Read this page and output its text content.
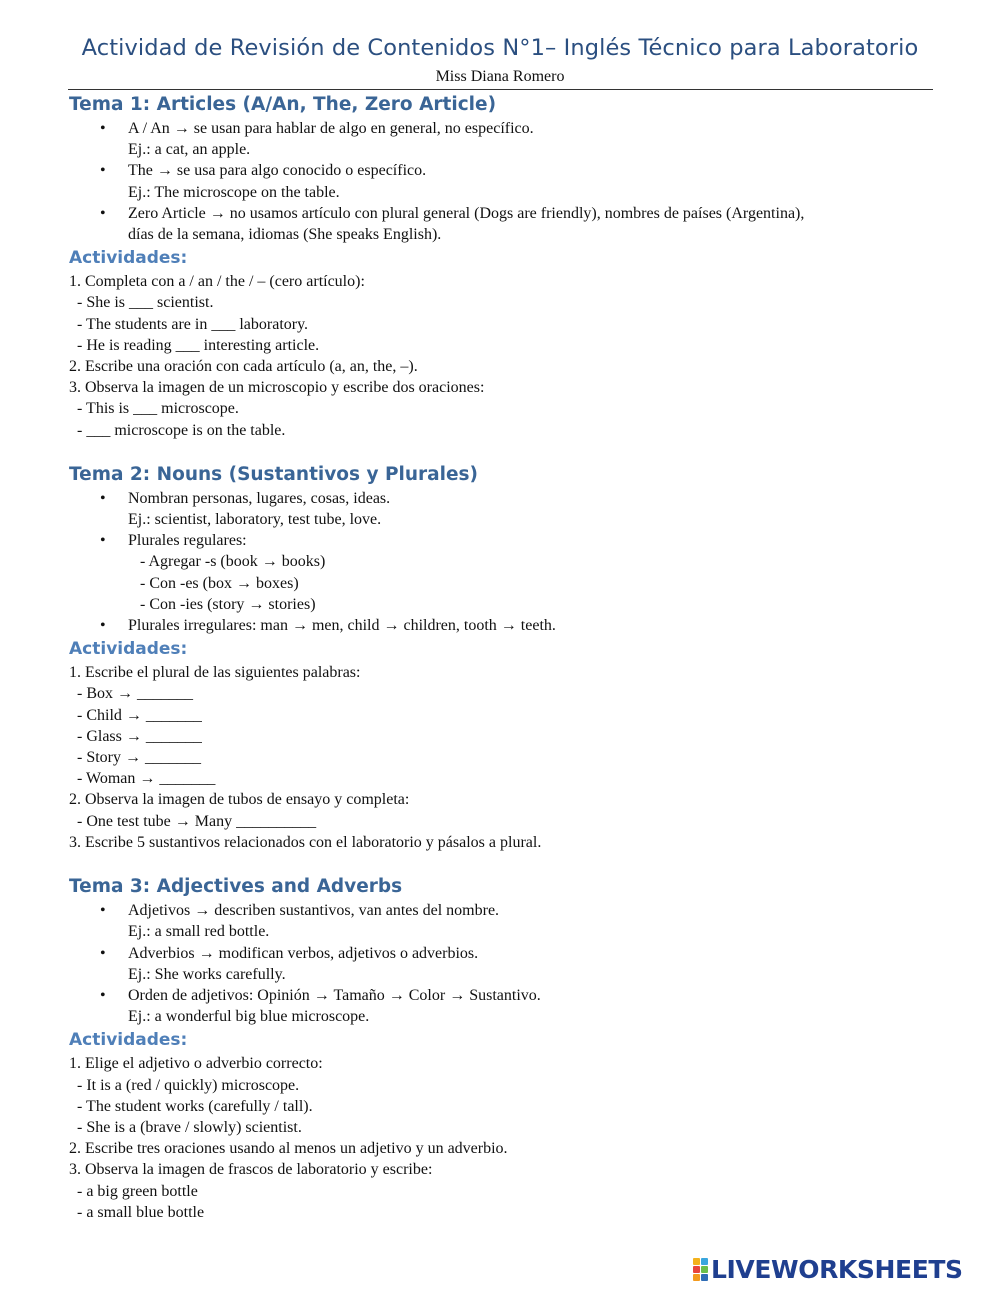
Actividad de Revisión de Contenidos N°1– Inglés Técnico para Laboratorio
Miss Diana Romero
Tema 1: Articles (A/An, The, Zero Article)
• A / An → se usan para hablar de algo en general, no específico.
Ej.: a cat, an apple.
• The → se usa para algo conocido o específico.
Ej.: The microscope on the table.
• Zero Article → no usamos artículo con plural general (Dogs are friendly), nombres de países (Argentina),
días de la semana, idiomas (She speaks English).
Actividades:
1. Completa con a / an / the / – (cero artículo):
- She is ___ scientist.
- The students are in ___ laboratory.
- He is reading ___ interesting article.
2. Escribe una oración con cada artículo (a, an, the, –).
3. Observa la imagen de un microscopio y escribe dos oraciones:
- This is ___ microscope.
- ___ microscope is on the table.
Tema 2: Nouns (Sustantivos y Plurales)
• Nombran personas, lugares, cosas, ideas.
Ej.: scientist, laboratory, test tube, love.
• Plurales regulares:
- Agregar -s (book → books)
- Con -es (box → boxes)
- Con -ies (story → stories)
• Plurales irregulares: man → men, child → children, tooth → teeth.
Actividades:
1. Escribe el plural de las siguientes palabras:
- Box → _______
- Child → _______
- Glass → _______
- Story → _______
- Woman → _______
2. Observa la imagen de tubos de ensayo y completa:
- One test tube → Many __________
3. Escribe 5 sustantivos relacionados con el laboratorio y pásalos a plural.
Tema 3: Adjectives and Adverbs
• Adjetivos → describen sustantivos, van antes del nombre.
Ej.: a small red bottle.
• Adverbios → modifican verbos, adjetivos o adverbios.
Ej.: She works carefully.
• Orden de adjetivos: Opinión → Tamaño → Color → Sustantivo.
Ej.: a wonderful big blue microscope.
Actividades:
1. Elige el adjetivo o adverbio correcto:
- It is a (red / quickly) microscope.
- The student works (carefully / tall).
- She is a (brave / slowly) scientist.
2. Escribe tres oraciones usando al menos un adjetivo y un adverbio.
3. Observa la imagen de frascos de laboratorio y escribe:
- a big green bottle
- a small blue bottle
LIVEWORKSHEETS
